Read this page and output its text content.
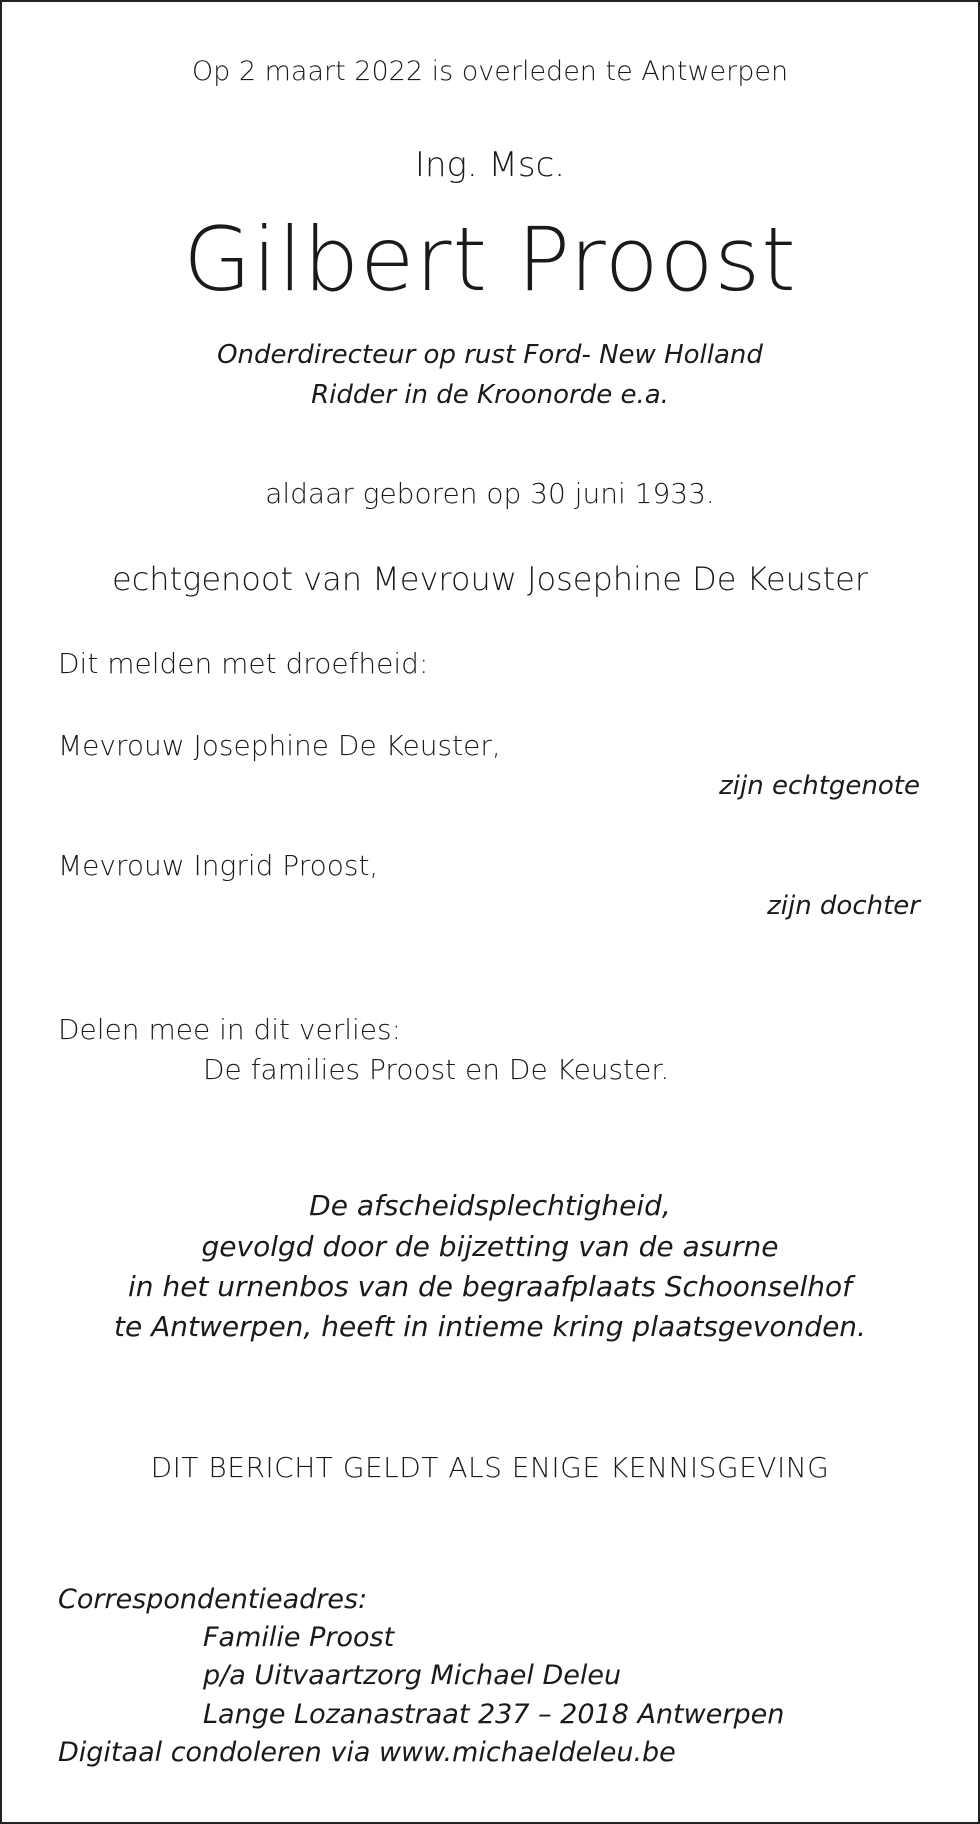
Op 2 maart 2022 is overleden te Antwerpen
Ing. Msc.
Gilbert Proost
Onderdirecteur op rust Ford- New Holland
Ridder in de Kroonorde e.a.
aldaar geboren op 30 juni 1933.
echtgenoot van Mevrouw Josephine De Keuster
Dit melden met droefheid:
Mevrouw Josephine De Keuster,
zijn echtgenote
Mevrouw Ingrid Proost,
zijn dochter
Delen mee in dit verlies:
De families Proost en De Keuster.
De afscheidsplechtigheid,
gevolgd door de bijzetting van de asurne
in het urnenbos van de begraafplaats Schoonselhof
te Antwerpen, heeft in intieme kring plaatsgevonden.
DIT BERICHT GELDT ALS ENIGE KENNISGEVING
Correspondentieadres:
Familie Proost
p/a Uitvaartzorg Michael Deleu
Lange Lozanastraat 237 – 2018 Antwerpen
Digitaal condoleren via www.michaeldeleu.be
